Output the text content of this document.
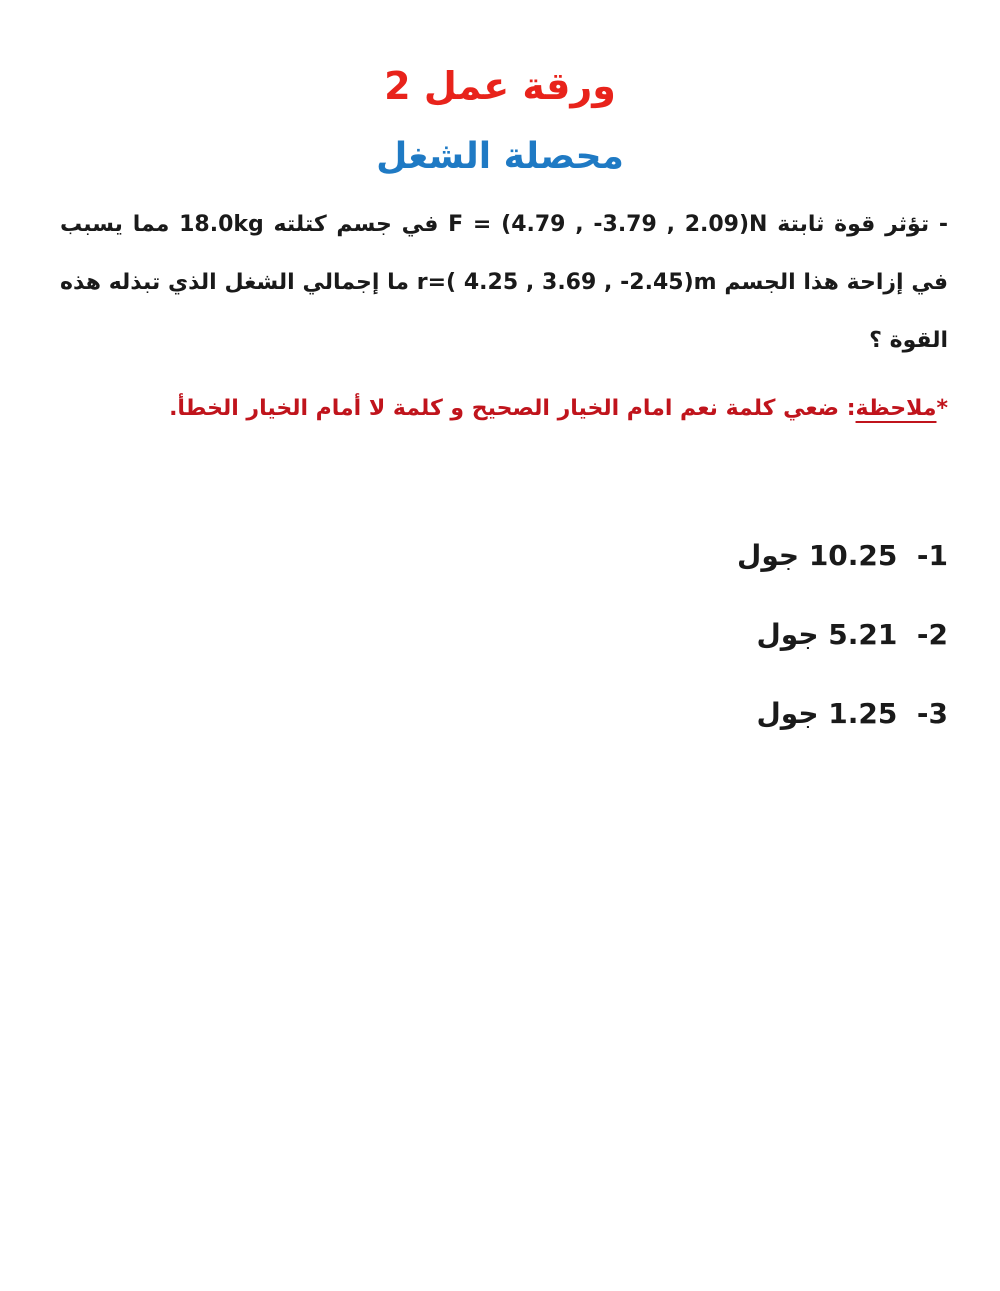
ورقة عمل 2
محصلة الشغل
- تؤثر قوة ثابتة F = (4.79 , -3.79 , 2.09)N في جسم كتلته 18.0kg مما يسبب في إزاحة هذا الجسم r=( 4.25 , 3.69 , -2.45)m ما إجمالي الشغل الذي تبذله هذه القوة ؟
*ملاحظة: ضعي كلمة نعم امام الخيار الصحيح و كلمة لا أمام الخيار الخطأ.
1-  10.25 جول
2-  5.21 جول
3-  1.25 جول
